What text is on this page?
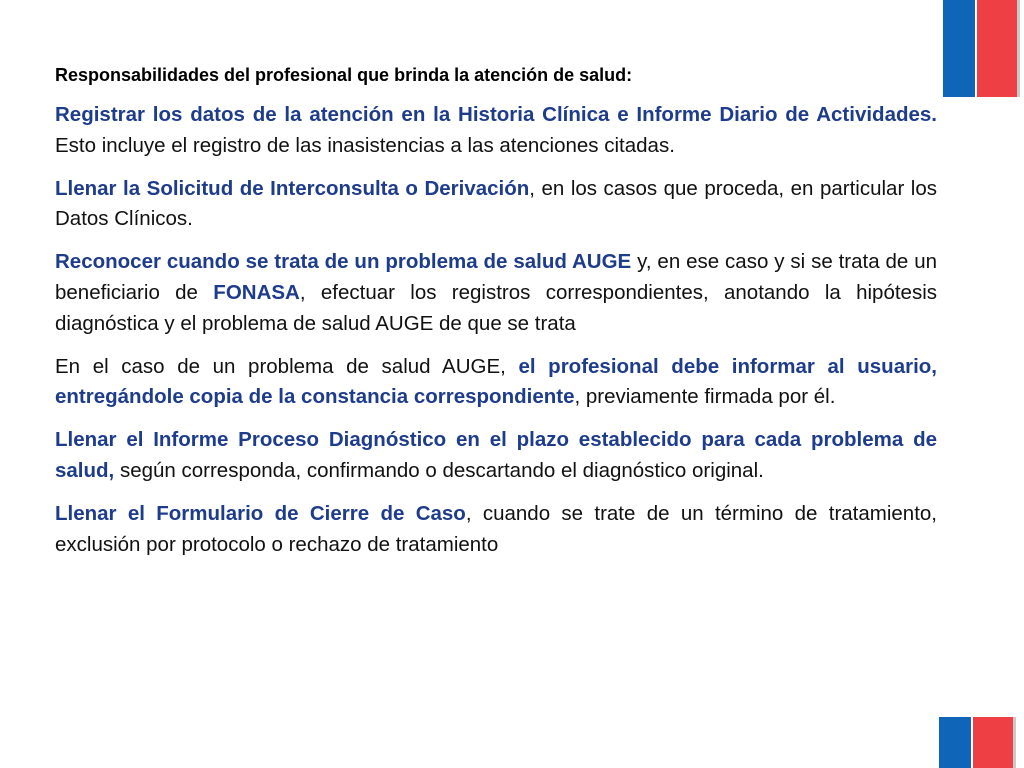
Responsabilidades del profesional que brinda la atención de salud:

Registrar los datos de la atención en la Historia Clínica e Informe Diario de Actividades. Esto incluye el registro de las inasistencias a las atenciones citadas.

Llenar la Solicitud de Interconsulta o Derivación, en los casos que proceda, en particular los Datos Clínicos.

Reconocer cuando se trata de un problema de salud AUGE y, en ese caso y si se trata de un beneficiario de FONASA, efectuar los registros correspondientes, anotando la hipótesis diagnóstica y el problema de salud AUGE de que se trata

En el caso de un problema de salud AUGE, el profesional debe informar al usuario, entregándole copia de la constancia correspondiente, previamente firmada por él.

Llenar el Informe Proceso Diagnóstico en el plazo establecido para cada problema de salud, según corresponda, confirmando o descartando el diagnóstico original.

Llenar el Formulario de Cierre de Caso, cuando se trate de un término de tratamiento, exclusión por protocolo o rechazo de tratamiento
